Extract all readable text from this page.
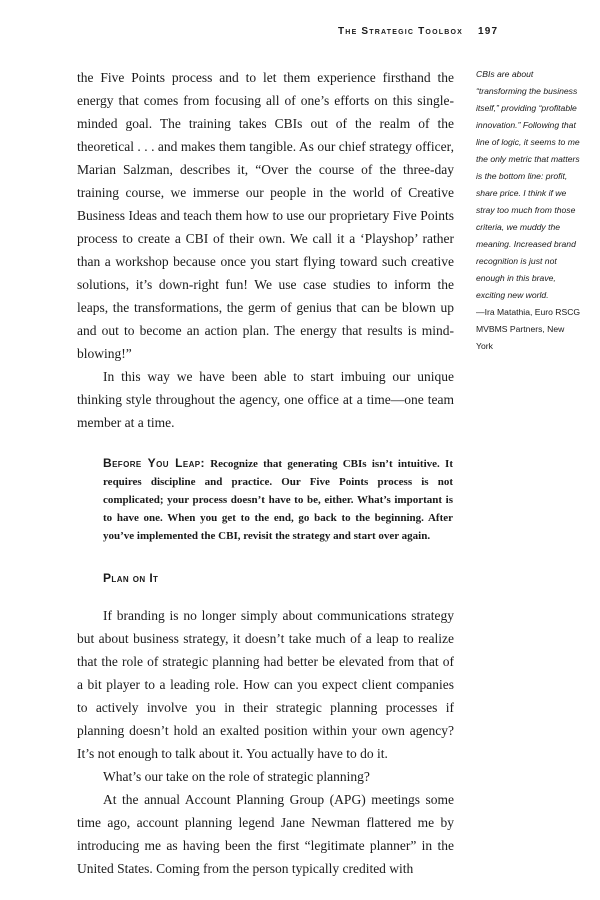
The Strategic Toolbox 197

the Five Points process and to let them experience firsthand the energy that comes from focusing all of one’s efforts on this single-minded goal. The training takes CBIs out of the realm of the theoretical . . . and makes them tangible. As our chief strategy officer, Marian Salzman, describes it, “Over the course of the three-day training course, we immerse our people in the world of Creative Business Ideas and teach them how to use our proprietary Five Points process to create a CBI of their own. We call it a ‘Playshop’ rather than a workshop because once you start flying toward such creative solutions, it’s down-right fun! We use case studies to inform the leaps, the transformations, the germ of genius that can be blown up and out to become an action plan. The energy that results is mind-blowing!”

In this way we have been able to start imbuing our unique thinking style throughout the agency, one office at a time—one team member at a time.

Before You Leap: Recognize that generating CBIs isn’t intuitive. It requires discipline and practice. Our Five Points process is not complicated; your process doesn’t have to be, either. What’s important is to have one. When you get to the end, go back to the beginning. After you’ve implemented the CBI, revisit the strategy and start over again.
Plan on It

If branding is no longer simply about communications strategy but about business strategy, it doesn’t take much of a leap to realize that the role of strategic planning had better be elevated from that of a bit player to a leading role. How can you expect client companies to actively involve you in their strategic planning processes if planning doesn’t hold an exalted position within your own agency? It’s not enough to talk about it. You actually have to do it.

What’s our take on the role of strategic planning?

At the annual Account Planning Group (APG) meetings some time ago, account planning legend Jane Newman flattered me by introducing me as having been the first “legitimate planner” in the United States. Coming from the person typically credited with

CBIs are about “transforming the business itself,” providing “profitable innovation.” Following that line of logic, it seems to me the only metric that matters is the bottom line: profit, share price. I think if we stray too much from those criteria, we muddy the meaning. Increased brand recognition is just not enough in this brave, exciting new world.

—Ira Matathia, Euro RSCG MVBMS Partners, New York
